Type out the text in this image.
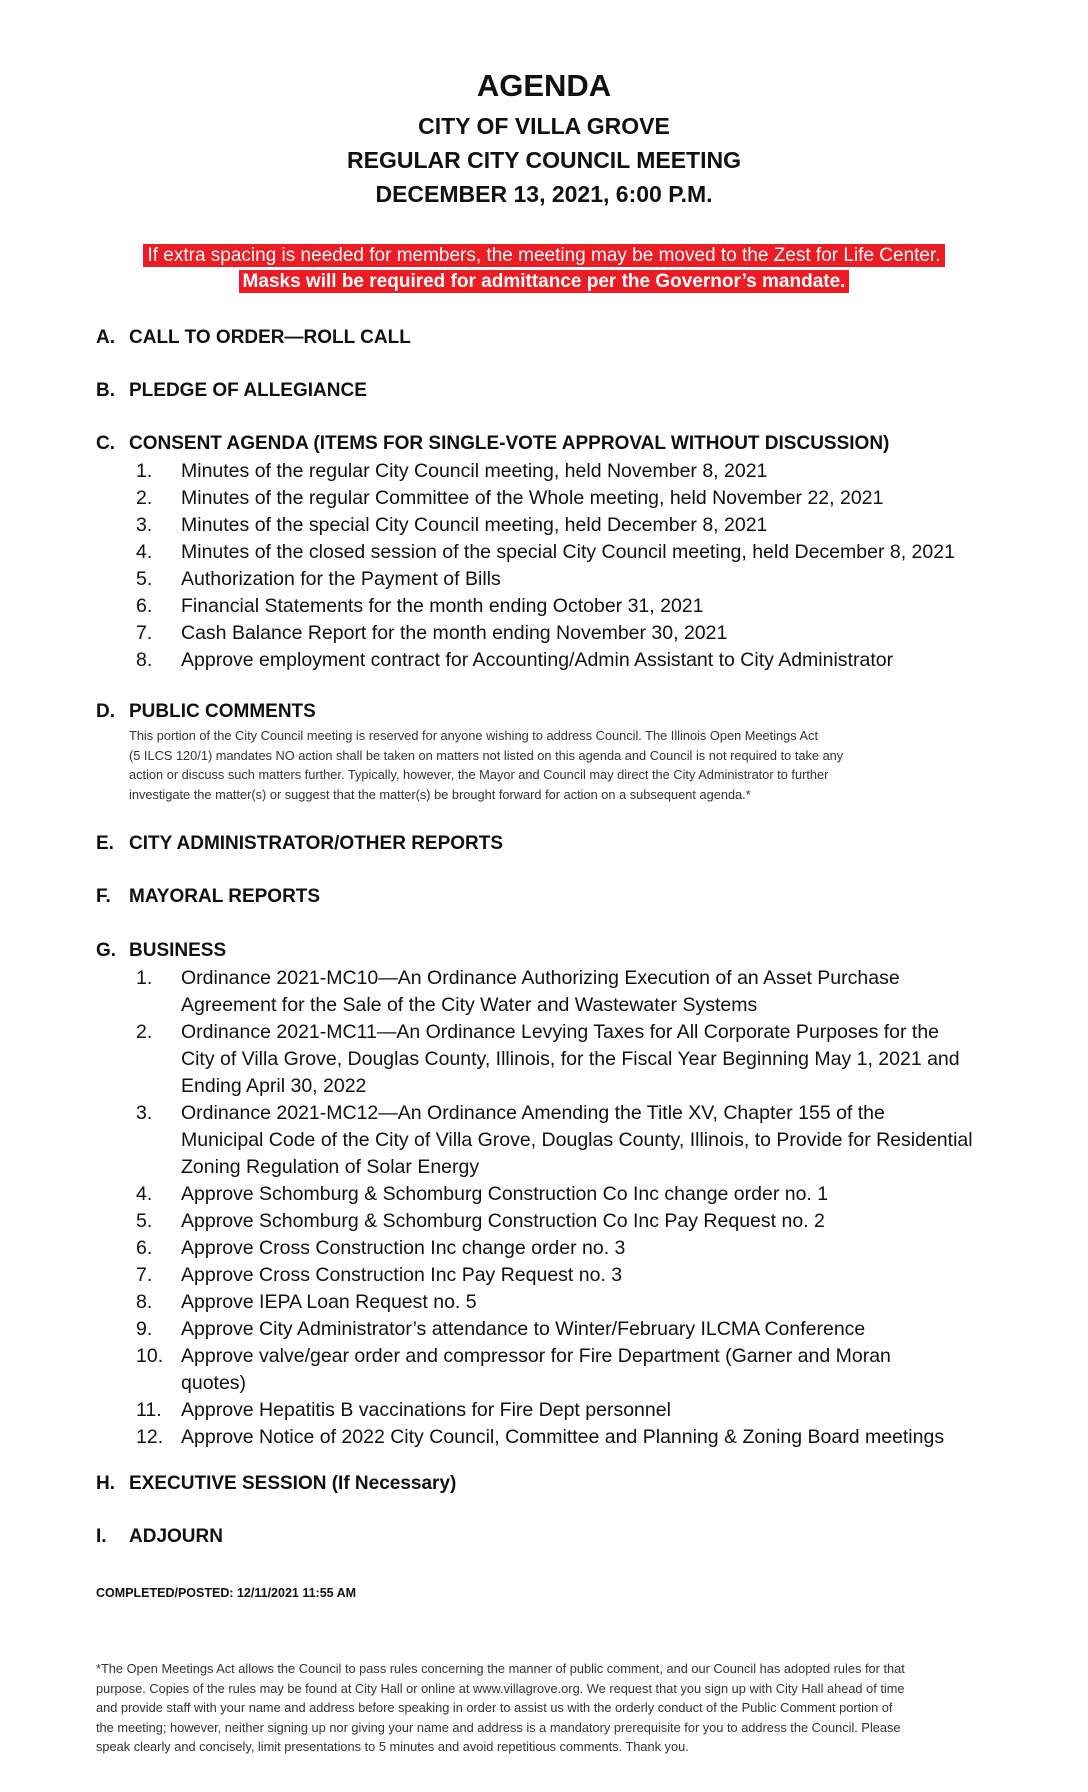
AGENDA
CITY OF VILLA GROVE
REGULAR CITY COUNCIL MEETING
DECEMBER 13, 2021, 6:00 P.M.
If extra spacing is needed for members, the meeting may be moved to the Zest for Life Center.
Masks will be required for admittance per the Governor’s mandate.
A. CALL TO ORDER—ROLL CALL
B. PLEDGE OF ALLEGIANCE
C. CONSENT AGENDA (ITEMS FOR SINGLE-VOTE APPROVAL WITHOUT DISCUSSION)
1. Minutes of the regular City Council meeting, held November 8, 2021
2. Minutes of the regular Committee of the Whole meeting, held November 22, 2021
3. Minutes of the special City Council meeting, held December 8, 2021
4. Minutes of the closed session of the special City Council meeting, held December 8, 2021
5. Authorization for the Payment of Bills
6. Financial Statements for the month ending October 31, 2021
7. Cash Balance Report for the month ending November 30, 2021
8. Approve employment contract for Accounting/Admin Assistant to City Administrator
D. PUBLIC COMMENTS
This portion of the City Council meeting is reserved for anyone wishing to address Council. The Illinois Open Meetings Act
(5 ILCS 120/1) mandates NO action shall be taken on matters not listed on this agenda and Council is not required to take any
action or discuss such matters further. Typically, however, the Mayor and Council may direct the City Administrator to further
investigate the matter(s) or suggest that the matter(s) be brought forward for action on a subsequent agenda.*
E. CITY ADMINISTRATOR/OTHER REPORTS
F. MAYORAL REPORTS
G. BUSINESS
1. Ordinance 2021-MC10—An Ordinance Authorizing Execution of an Asset Purchase
Agreement for the Sale of the City Water and Wastewater Systems
2. Ordinance 2021-MC11—An Ordinance Levying Taxes for All Corporate Purposes for the
City of Villa Grove, Douglas County, Illinois, for the Fiscal Year Beginning May 1, 2021 and
Ending April 30, 2022
3. Ordinance 2021-MC12—An Ordinance Amending the Title XV, Chapter 155 of the
Municipal Code of the City of Villa Grove, Douglas County, Illinois, to Provide for Residential
Zoning Regulation of Solar Energy
4. Approve Schomburg & Schomburg Construction Co Inc change order no. 1
5. Approve Schomburg & Schomburg Construction Co Inc Pay Request no. 2
6. Approve Cross Construction Inc change order no. 3
7. Approve Cross Construction Inc Pay Request no. 3
8. Approve IEPA Loan Request no. 5
9. Approve City Administrator’s attendance to Winter/February ILCMA Conference
10. Approve valve/gear order and compressor for Fire Department (Garner and Moran
quotes)
11. Approve Hepatitis B vaccinations for Fire Dept personnel
12. Approve Notice of 2022 City Council, Committee and Planning & Zoning Board meetings
H. EXECUTIVE SESSION (If Necessary)
I. ADJOURN
COMPLETED/POSTED: 12/11/2021 11:55 AM
*The Open Meetings Act allows the Council to pass rules concerning the manner of public comment, and our Council has adopted rules for that
purpose. Copies of the rules may be found at City Hall or online at www.villagrove.org. We request that you sign up with City Hall ahead of time
and provide staff with your name and address before speaking in order to assist us with the orderly conduct of the Public Comment portion of
the meeting; however, neither signing up nor giving your name and address is a mandatory prerequisite for you to address the Council. Please
speak clearly and concisely, limit presentations to 5 minutes and avoid repetitious comments. Thank you.
